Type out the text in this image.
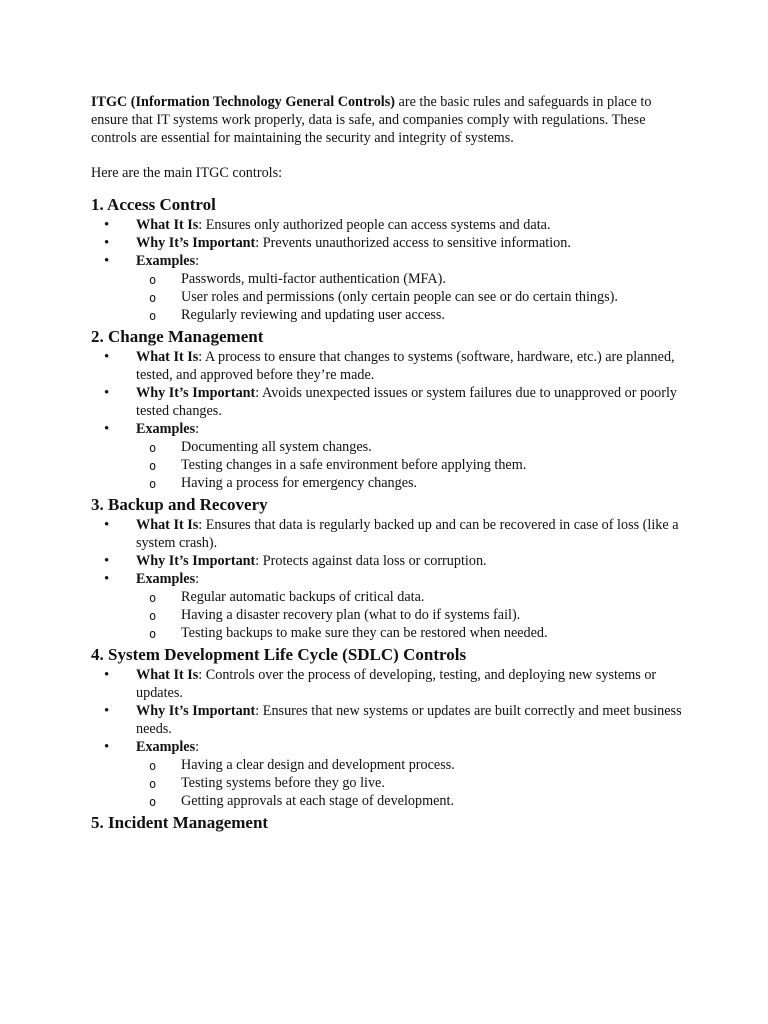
ITGC (Information Technology General Controls) are the basic rules and safeguards in place to ensure that IT systems work properly, data is safe, and companies comply with regulations. These controls are essential for maintaining the security and integrity of systems.

Here are the main ITGC controls:

1. Access Control
• What It Is: Ensures only authorized people can access systems and data.
• Why It’s Important: Prevents unauthorized access to sensitive information.
• Examples:
o Passwords, multi-factor authentication (MFA).
o User roles and permissions (only certain people can see or do certain things).
o Regularly reviewing and updating user access.
2. Change Management
• What It Is: A process to ensure that changes to systems (software, hardware, etc.) are planned, tested, and approved before they’re made.
• Why It’s Important: Avoids unexpected issues or system failures due to unapproved or poorly tested changes.
• Examples:
o Documenting all system changes.
o Testing changes in a safe environment before applying them.
o Having a process for emergency changes.
3. Backup and Recovery
• What It Is: Ensures that data is regularly backed up and can be recovered in case of loss (like a system crash).
• Why It’s Important: Protects against data loss or corruption.
• Examples:
o Regular automatic backups of critical data.
o Having a disaster recovery plan (what to do if systems fail).
o Testing backups to make sure they can be restored when needed.
4. System Development Life Cycle (SDLC) Controls
• What It Is: Controls over the process of developing, testing, and deploying new systems or updates.
• Why It’s Important: Ensures that new systems or updates are built correctly and meet business needs.
• Examples:
o Having a clear design and development process.
o Testing systems before they go live.
o Getting approvals at each stage of development.
5. Incident Management
